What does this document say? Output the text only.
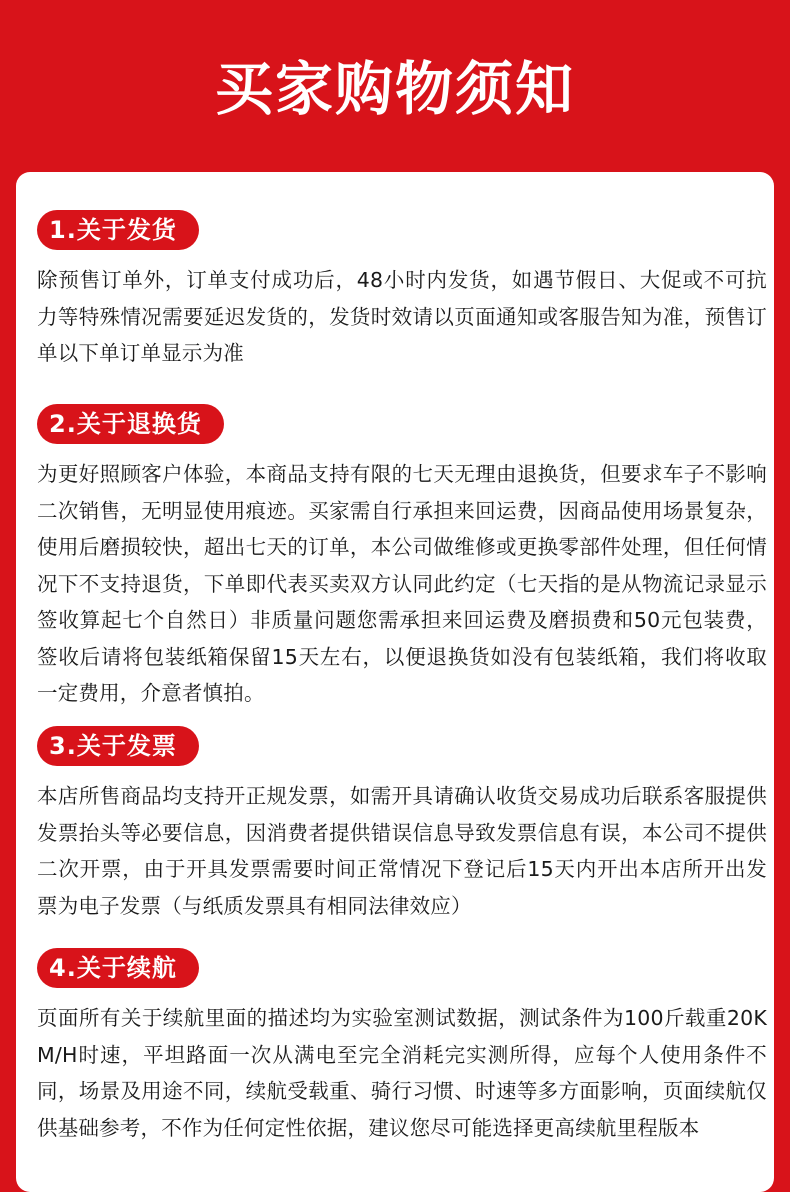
买家购物须知
1.关于发货

除预售订单外，订单支付成功后，48小时内发货，如遇节假日、大促或不可抗力等特殊情况需要延迟发货的，发货时效请以页面通知或客服告知为准，预售订单以下单订单显示为准

2.关于退换货

为更好照顾客户体验，本商品支持有限的七天无理由退换货，但要求车子不影响二次销售，无明显使用痕迹。买家需自行承担来回运费，因商品使用场景复杂，使用后磨损较快，超出七天的订单，本公司做维修或更换零部件处理，但任何情况下不支持退货，下单即代表买卖双方认同此约定（七天指的是从物流记录显示签收算起七个自然日）非质量问题您需承担来回运费及磨损费和50元包装费，签收后请将包装纸箱保留15天左右，以便退换货如没有包装纸箱，我们将收取一定费用，介意者慎拍。

3.关于发票

本店所售商品均支持开正规发票，如需开具请确认收货交易成功后联系客服提供发票抬头等必要信息，因消费者提供错误信息导致发票信息有误，本公司不提供二次开票，由于开具发票需要时间正常情况下登记后15天内开出本店所开出发票为电子发票（与纸质发票具有相同法律效应）

4.关于续航

页面所有关于续航里面的描述均为实验室测试数据，测试条件为100斤载重20KM/H时速，平坦路面一次从满电至完全消耗完实测所得，应每个人使用条件不同，场景及用途不同，续航受载重、骑行习惯、时速等多方面影响，页面续航仅供基础参考，不作为任何定性依据，建议您尽可能选择更高续航里程版本
